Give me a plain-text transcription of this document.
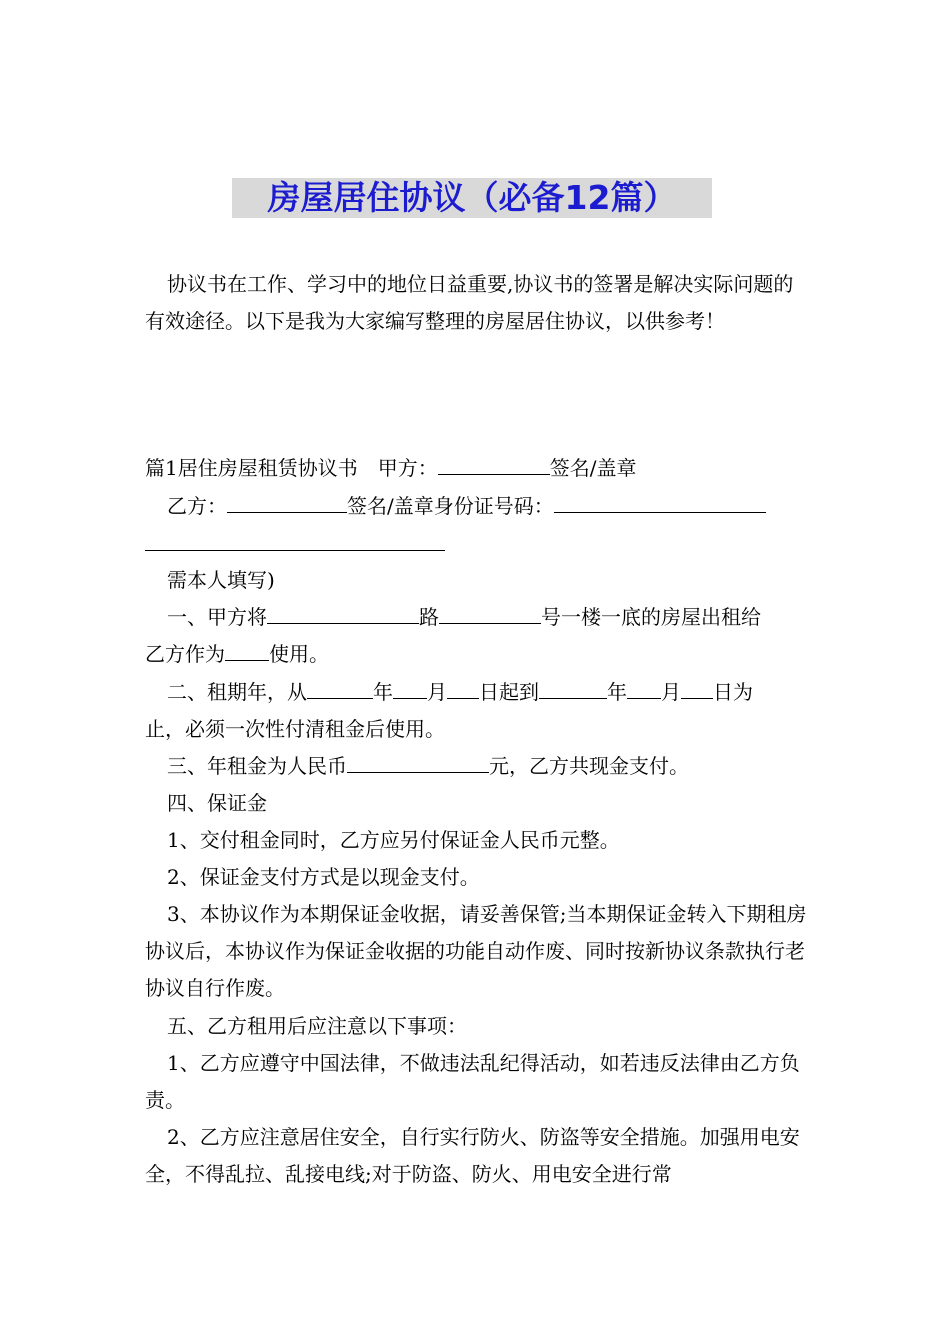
房屋居住协议（必备12篇）

协议书在工作、学习中的地位日益重要,协议书的签署是解决实际问题的有效途径。以下是我为大家编写整理的房屋居住协议，以供参考！

篇1居住房屋租赁协议书　甲方：	签名/盖章
乙方：	签名/盖章身份证号码：
需本人填写)
一、甲方将	路	号一楼一底的房屋出租给
乙方作为 使用。
二、租期年，从	年 月 日起到	年 月 日为
止，必须一次性付清租金后使用。
三、年租金为人民币	元，乙方共现金支付。
四、保证金
1、交付租金同时，乙方应另付保证金人民币元整。
2、保证金支付方式是以现金支付。

3、本协议作为本期保证金收据，请妥善保管;当本期保证金转入下期租房协议后，本协议作为保证金收据的功能自动作废、同时按新协议条款执行老协议自行作废。

五、乙方租用后应注意以下事项：

1、乙方应遵守中国法律，不做违法乱纪得活动，如若违反法律由乙方负责。

2、乙方应注意居住安全，自行实行防火、防盗等安全措施。加强用电安全，不得乱拉、乱接电线;对于防盗、防火、用电安全进行常
